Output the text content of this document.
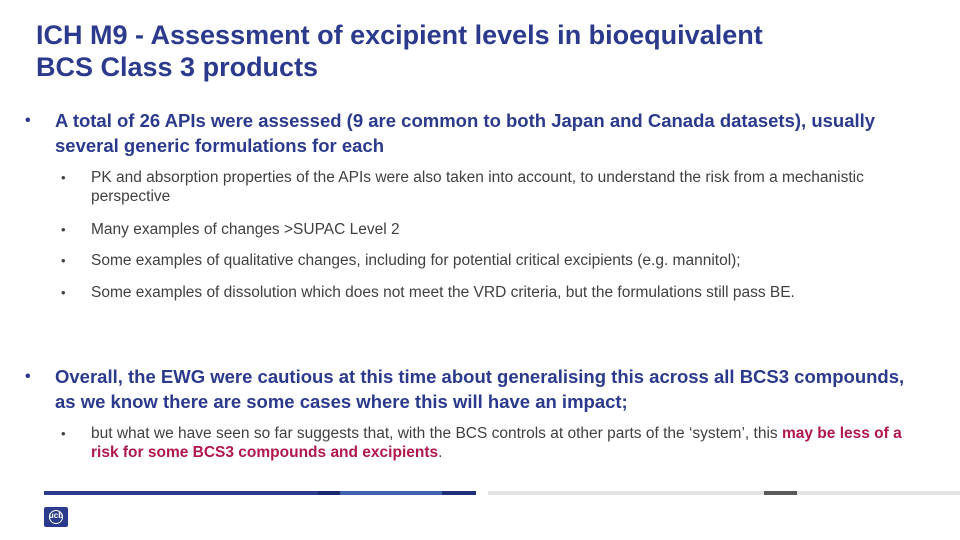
ICH M9 - Assessment of excipient levels in bioequivalent
BCS Class 3 products
• A total of 26 APIs were assessed (9 are common to both Japan and Canada datasets), usually several generic formulations for each
• PK and absorption properties of the APIs were also taken into account, to understand the risk from a mechanistic perspective
• Many examples of changes >SUPAC Level 2
• Some examples of qualitative changes, including for potential critical excipients (e.g. mannitol);
• Some examples of dissolution which does not meet the VRD criteria, but the formulations still pass BE.
• Overall, the EWG were cautious at this time about generalising this across all BCS3 compounds, as we know there are some cases where this will have an impact;
• but what we have seen so far suggests that, with the BCS controls at other parts of the ‘system’, this may be less of a risk for some BCS3 compounds and excipients.
ucb
